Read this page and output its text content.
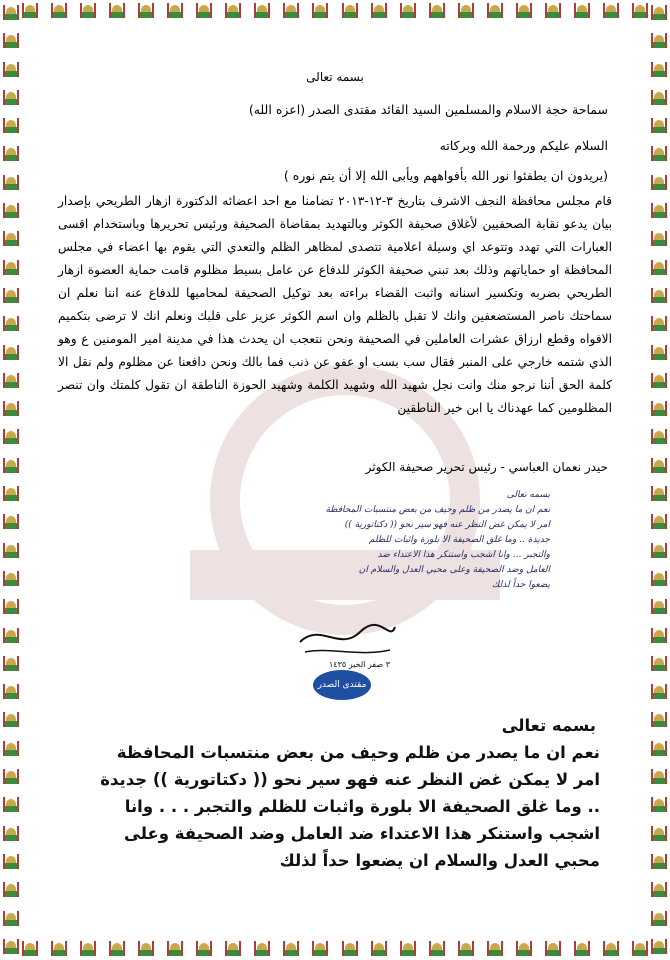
بسمه تعالى
سماحة حجة الاسلام والمسلمين السيد القائد مقتدى الصدر (اعزه الله)
السلام عليكم ورحمة الله وبركاته
(يريدون ان يطفئوا نور الله بأفواههم ويأبى الله إلا أن يتم نوره )
قام مجلس محافظة النجف الاشرف بتاريخ ٣-١٢-٢٠١٣ تضامنا مع احد اعضائه الدكتورة ازهار الطريحي بإصدار بيان يدعو نقابة الصحفيين لأغلاق صحيفة الكوثر وبالتهديد بمقاضاة الصحيفة ورئيس تحريرها وباستخدام اقسى العبارات التي تهدد وتتوعد اي وسيلة اعلامية تتصدى لمظاهر الظلم والتعدي التي يقوم بها اعضاء في مجلس المحافظة او حماياتهم وذلك بعد تبني صحيفة الكوثر للدفاع عن عامل بسيط مظلوم قامت حماية العضوة ازهار الطريحي بضربه وتكسير اسنانه واثبت القضاء براءته بعد توكيل الصحيفة لمحاميها للدفاع عنه اننا نعلم ان سماحتك ناصر المستضعفين وانك لا تقبل بالظلم وان اسم الكوثر عزيز على قلبك ونعلم انك لا ترضى بتكميم الافواه وقطع ارزاق عشرات العاملين في الصحيفة ونحن نتعجب ان يحدث هذا في مدينة امير المومنين ع وهو الذي شتمه خارجي على المنبر فقال سب بسب او عفو عن ذنب فما بالك ونحن دافعنا عن مظلوم ولم نقل الا كلمة الحق أننا نرجو منك وانت نجل شهيد الله وشهيد الكلمة وشهيد الحوزة الناطقة ان تقول كلمتك وان تنصر المظلومين كما عهدناك يا ابن خير الناطقين
حيدر نعمان العباسي - رئيس تحرير صحيفة الكوثر
بسمه تعالى
نعم ان ما يصدر من ظلم وحيف من بعض منتسبات المحافظة
امر لا يمكن غض النظر عنه فهو سير نحو (( دكتاتورية ))
جديدة .. وما غلق الصحيفة الا بلورة واثبات للظلم
والتجبر ... وانا اشجب واستنكر هذا الاعتداء ضد
العامل وضد الصحيفة وعلى محبي العدل والسلام ان
يضعوا حداً لذلك
٣ صفر الخير ١٤٣٥
مقتدى الصدر
بسمه تعالى
نعم ان ما يصدر من ظلم وحيف من بعض منتسبات المحافظة
امر لا يمكن غض النظر عنه فهو سير نحو (( دكتاتورية )) جديدة
.. وما غلق الصحيفة الا بلورة واثبات للظلم والتجبر . . . وانا
اشجب واستنكر هذا الاعتداء ضد العامل وضد الصحيفة وعلى
محبي العدل والسلام ان يضعوا حداً لذلك
